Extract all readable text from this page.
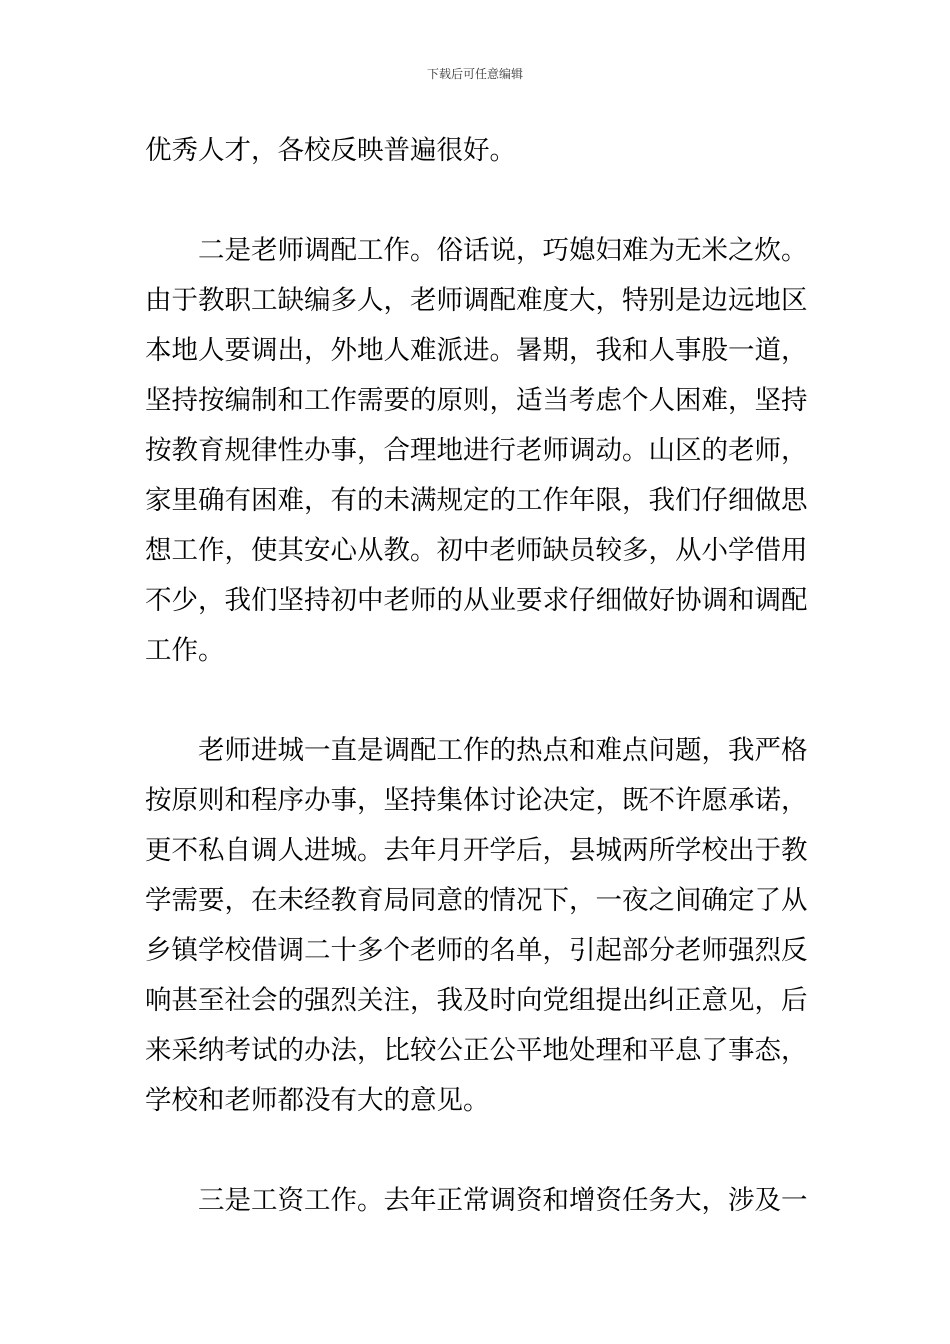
下载后可任意编辑
优秀人才，各校反映普遍很好。
二是老师调配工作。俗话说，巧媳妇难为无米之炊。
由于教职工缺编多人，老师调配难度大，特别是边远地区
本地人要调出，外地人难派进。暑期，我和人事股一道，
坚持按编制和工作需要的原则，适当考虑个人困难，坚持
按教育规律性办事，合理地进行老师调动。山区的老师，
家里确有困难，有的未满规定的工作年限，我们仔细做思
想工作，使其安心从教。初中老师缺员较多，从小学借用
不少，我们坚持初中老师的从业要求仔细做好协调和调配
工作。
老师进城一直是调配工作的热点和难点问题，我严格
按原则和程序办事，坚持集体讨论决定，既不许愿承诺，
更不私自调人进城。去年月开学后，县城两所学校出于教
学需要，在未经教育局同意的情况下，一夜之间确定了从
乡镇学校借调二十多个老师的名单，引起部分老师强烈反
响甚至社会的强烈关注，我及时向党组提出纠正意见，后
来采纳考试的办法，比较公正公平地处理和平息了事态，
学校和老师都没有大的意见。
三是工资工作。去年正常调资和增资任务大，涉及一
